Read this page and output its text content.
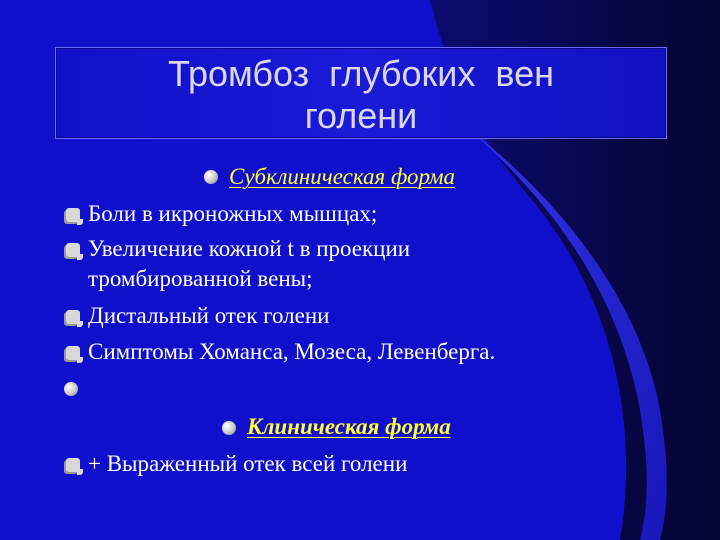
Тромбоз  глубоких  вен
голени
Субклиническая форма
Боли в икроножных мышцах;
Увеличение кожной t в проекции
тромбированной вены;
Дистальный отек голени
Симптомы Хоманса, Мозеса, Левенберга.
Клиническая форма
+ Выраженный отек всей голени
